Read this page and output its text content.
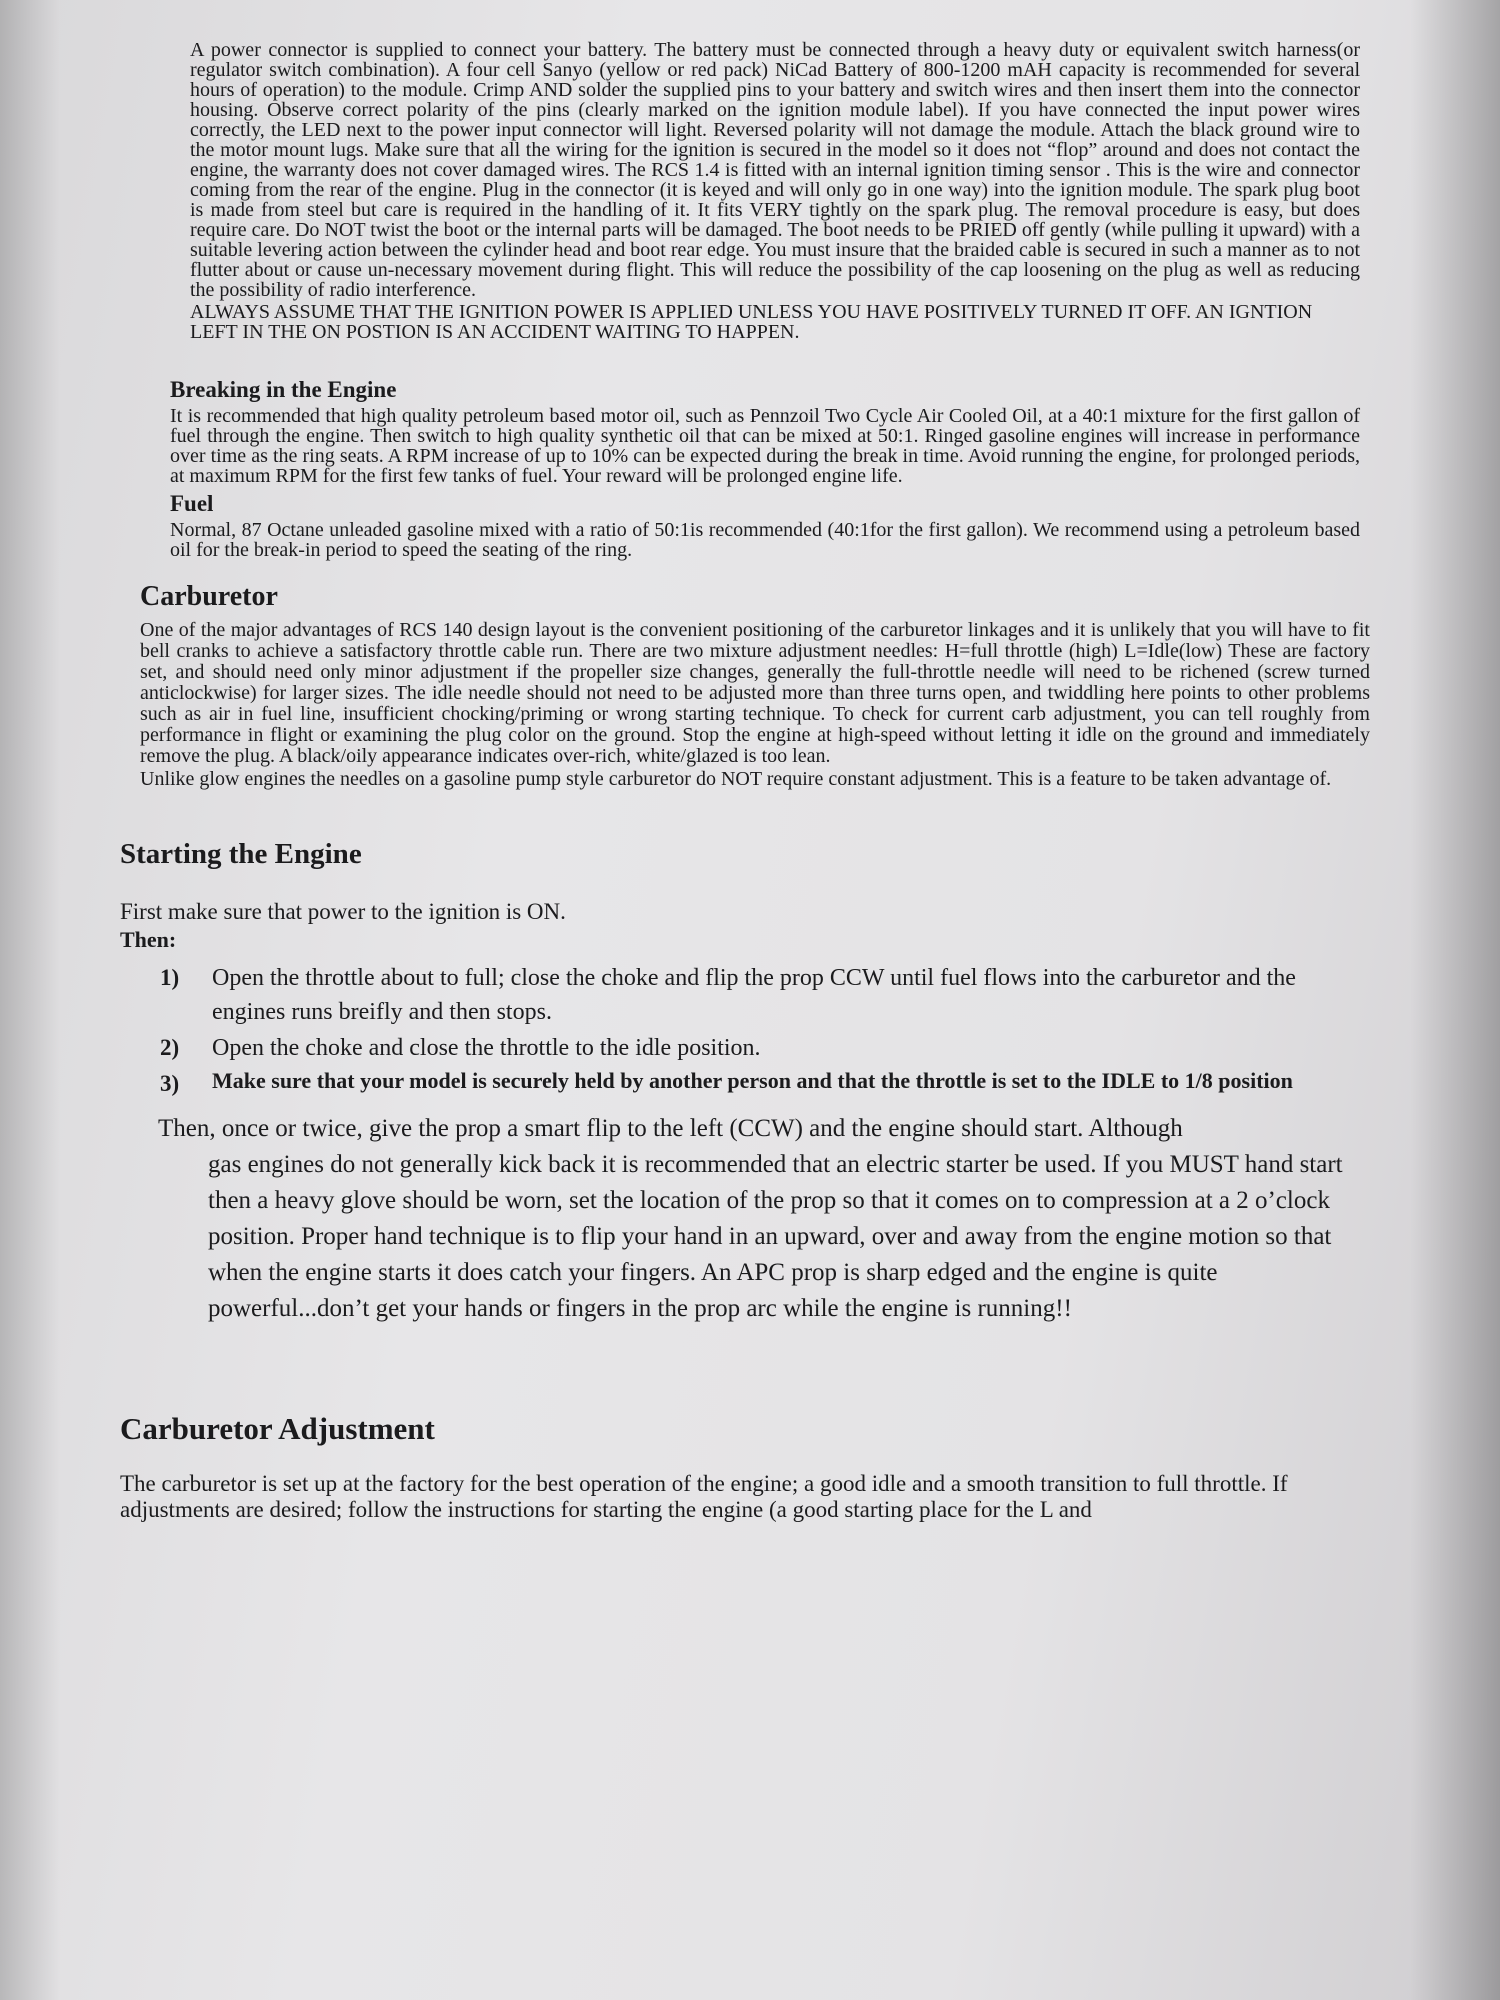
A power connector is supplied to connect your battery. The battery must be connected through a heavy duty or equivalent switch harness(or regulator switch combination). A four cell Sanyo (yellow or red pack) NiCad Battery of 800-1200 mAH capacity is recommended for several hours of operation) to the module. Crimp AND solder the supplied pins to your battery and switch wires and then insert them into the connector housing. Observe correct polarity of the pins (clearly marked on the ignition module label). If you have connected the input power wires correctly, the LED next to the power input connector will light. Reversed polarity will not damage the module. Attach the black ground wire to the motor mount lugs. Make sure that all the wiring for the ignition is secured in the model so it does not “flop” around and does not contact the engine, the warranty does not cover damaged wires. The RCS 1.4 is fitted with an internal ignition timing sensor . This is the wire and connector coming from the rear of the engine. Plug in the connector (it is keyed and will only go in one way) into the ignition module. The spark plug boot is made from steel but care is required in the handling of it. It fits VERY tightly on the spark plug. The removal procedure is easy, but does require care. Do NOT twist the boot or the internal parts will be damaged. The boot needs to be PRIED off gently (while pulling it upward) with a suitable levering action between the cylinder head and boot rear edge. You must insure that the braided cable is secured in such a manner as to not flutter about or cause un-necessary movement during flight. This will reduce the possibility of the cap loosening on the plug as well as reducing the possibility of radio interference.

ALWAYS ASSUME THAT THE IGNITION POWER IS APPLIED UNLESS YOU HAVE POSITIVELY TURNED IT OFF. AN IGNTION LEFT IN THE ON POSTION IS AN ACCIDENT WAITING TO HAPPEN.

Breaking in the Engine

It is recommended that high quality petroleum based motor oil, such as Pennzoil Two Cycle Air Cooled Oil, at a 40:1 mixture for the first gallon of fuel through the engine. Then switch to high quality synthetic oil that can be mixed at 50:1. Ringed gasoline engines will increase in performance over time as the ring seats. A RPM increase of up to 10% can be expected during the break in time. Avoid running the engine, for prolonged periods, at maximum RPM for the first few tanks of fuel. Your reward will be prolonged engine life.

Fuel

Normal, 87 Octane unleaded gasoline mixed with a ratio of 50:1is recommended (40:1for the first gallon). We recommend using a petroleum based oil for the break-in period to speed the seating of the ring.

Carburetor

One of the major advantages of RCS 140 design layout is the convenient positioning of the carburetor linkages and it is unlikely that you will have to fit bell cranks to achieve a satisfactory throttle cable run. There are two mixture adjustment needles: H=full throttle (high) L=Idle(low) These are factory set, and should need only minor adjustment if the propeller size changes, generally the full-throttle needle will need to be richened (screw turned anticlockwise) for larger sizes. The idle needle should not need to be adjusted more than three turns open, and twiddling here points to other problems such as air in fuel line, insufficient chocking/priming or wrong starting technique. To check for current carb adjustment, you can tell roughly from performance in flight or examining the plug color on the ground. Stop the engine at high-speed without letting it idle on the ground and immediately remove the plug. A black/oily appearance indicates over-rich, white/glazed is too lean.

Unlike glow engines the needles on a gasoline pump style carburetor do NOT require constant adjustment. This is a feature to be taken advantage of.

Starting the Engine

First make sure that power to the ignition is ON.

Then:

1)	Open the throttle about to full; close the choke and flip the prop CCW until fuel flows into the carburetor and the engines runs breifly and then stops.
2)	Open the choke and close the throttle to the idle position.
3)	Make sure that your model is securely held by another person and that the throttle is set to the IDLE to 1/8 position

Then, once or twice, give the prop a smart flip to the left (CCW) and the engine should start. Although
gas engines do not generally kick back it is recommended that an electric starter be used. If you MUST hand start then a heavy glove should be worn, set the location of the prop so that it comes on to compression at a 2 o’clock position. Proper hand technique is to flip your hand in an upward, over and away from the engine motion so that when the engine starts it does catch your fingers. An APC prop is sharp edged and the engine is quite powerful...don’t get your hands or fingers in the prop arc while the engine is running!!

Carburetor Adjustment

The carburetor is set up at the factory for the best operation of the engine; a good idle and a smooth transition to full throttle. If adjustments are desired; follow the instructions for starting the engine (a good starting place for the L and
